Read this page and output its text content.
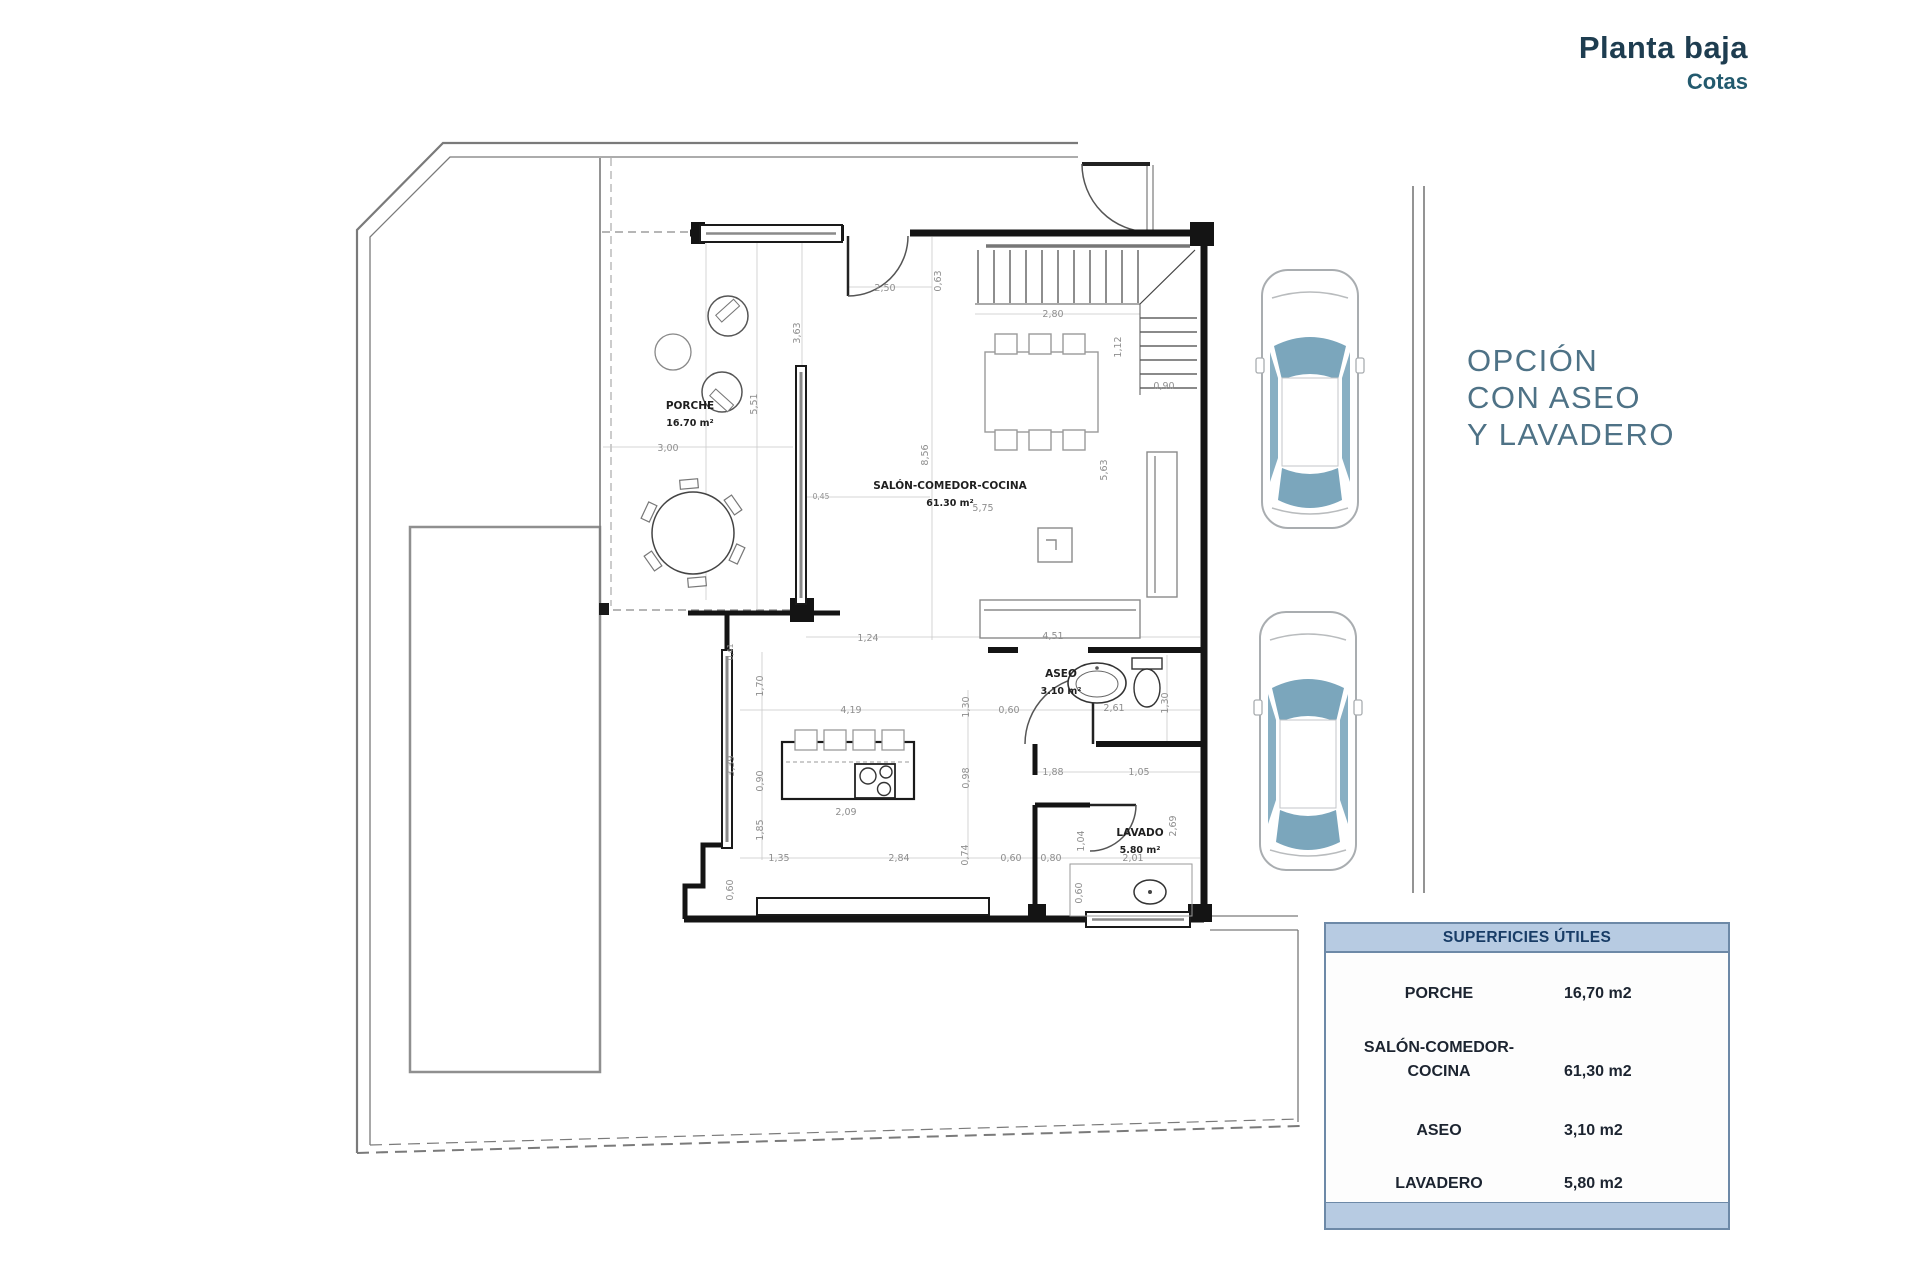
2,50	0,63
2,80
1,12
0,90
5,51
3,63
3,00	8,56
5,63
5,75
0,45
1,24	4,51
0,41
1,70
4,19	1,30	0,60	2,61	1,30
3,39
0,90	0,98	1,88	1,05
2,09
1,85	2,69
1,04
2,01
1,35	2,84	0,74	0,60 0,80
0,60	0,60
PORCHE
16.70 m²
SALÓN-COMEDOR-COCINA
61.30 m²
ASEO
3.10 m²
LAVADO
5.80 m²
Planta baja
Cotas
OPCIÓN
CON ASEO
Y LAVADERO
SUPERFICIES ÚTILES
PORCHE	16,70 m2
SALÓN-COMEDOR-
COCINA	61,30 m2
ASEO	3,10 m2
LAVADERO	5,80 m2
